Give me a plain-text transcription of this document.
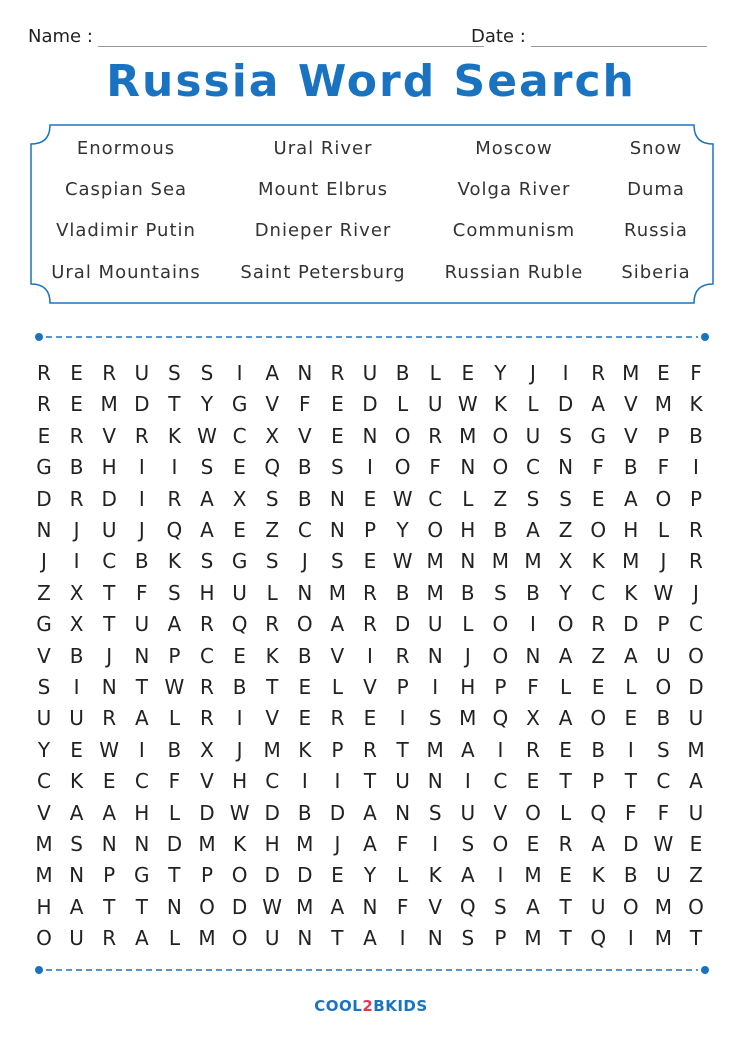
Name :	Date :
Russia Word Search
Enormous	Ural River	Moscow	Snow
Caspian Sea	Mount Elbrus	Volga River	Duma
Vladimir Putin	Dnieper River	Communism	Russia
Ural Mountains	Saint Petersburg	Russian Ruble	Siberia
R E R U S S	I	A N R U B	L	E	Y	J	I	R M E	F
R E M D T	Y G V	F	E D L U W K	L D A V M K
E R V R K W C X V E N O R M O U S G V P B
G B H	I	I	S E Q B S	I	O F N O C N F B F	I
D R D	I	R A X S B N E W C	L	Z S S E A O P
N	J	U	J	Q A E Z C N P	Y O H B A Z O H L	R
J	I	C B K S G S	J	S E W M N M M X K M	J	R
Z X T	F	S H U L N M R B M B S B Y C K W J
G X T U A R Q R O A R D U L O	I	O R D P C
V B	J	N P C E K B V	I	R N	J	O N A Z A U O
S	I	N T W R B T	E	L	V P	I	H P	F	L	E	L O D
U U R A	L	R	I	V E R E	I	S M Q X A O E B U
Y	E W I	B X	J	M K	P R T M A	I	R E B	I	S M
C K E C F	V H C	I	I	T U N	I	C E	T	P	T C A
V A A H L D W D B D A N S U V O L Q F	F U
M S N N D M K H M	J	A F	I	S O E R A D W E
M N P G T	P O D D E	Y	L	K A	I	M E K B U Z
H A T	T N O D W M A N F	V Q S A T U O M O
O U R A	L M O U N T A	I	N S	P M T Q	I	M T
COOL2BKIDS
